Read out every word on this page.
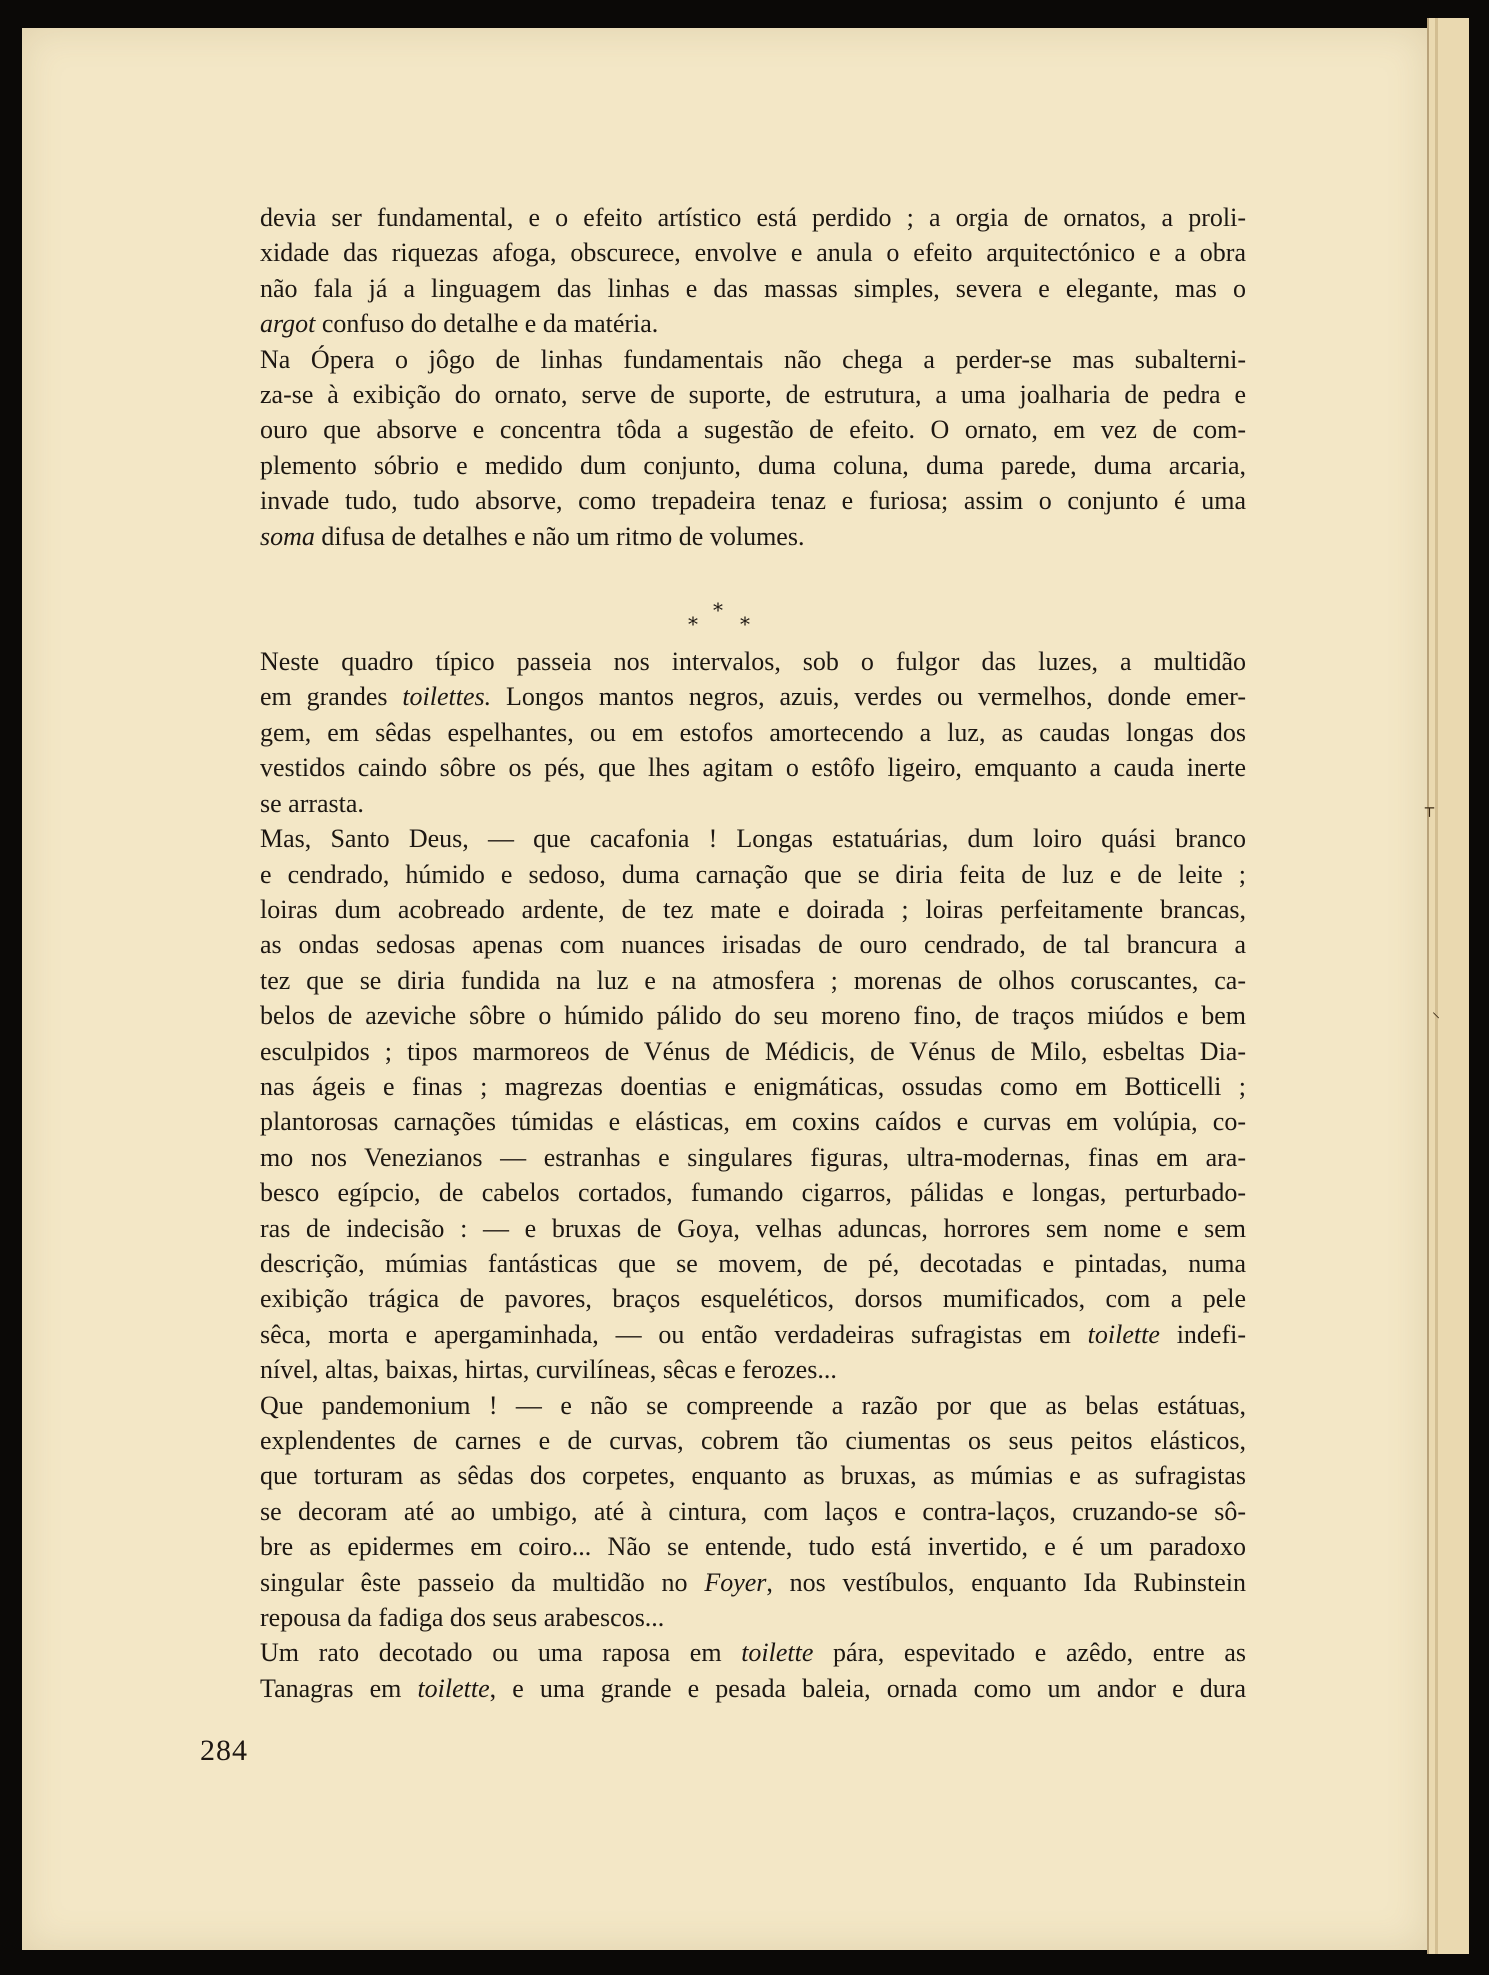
⸆
⸜
devia ser fundamental, e o efeito artístico está perdido ; a orgia de ornatos, a proli-
xidade das riquezas afoga, obscurece, envolve e anula o efeito arquitectónico e a obra
não fala já a linguagem das linhas e das massas simples, severa e elegante, mas o
argot confuso do detalhe e da matéria.
Na Ópera o jôgo de linhas fundamentais não chega a perder-se mas subalterni-
za-se à exibição do ornato, serve de suporte, de estrutura, a uma joalharia de pedra e
ouro que absorve e concentra tôda a sugestão de efeito. O ornato, em vez de com-
plemento sóbrio e medido dum conjunto, duma coluna, duma parede, duma arcaria,
invade tudo, tudo absorve, como trepadeira tenaz e furiosa; assim o conjunto é uma
soma difusa de detalhes e não um ritmo de volumes.
Neste quadro típico passeia nos intervalos, sob o fulgor das luzes, a multidão
em grandes toilettes. Longos mantos negros, azuis, verdes ou vermelhos, donde emer-
gem, em sêdas espelhantes, ou em estofos amortecendo a luz, as caudas longas dos
vestidos caindo sôbre os pés, que lhes agitam o estôfo ligeiro, emquanto a cauda inerte
se arrasta.
Mas, Santo Deus, — que cacafonia ! Longas estatuárias, dum loiro quási branco
e cendrado, húmido e sedoso, duma carnação que se diria feita de luz e de leite ;
loiras dum acobreado ardente, de tez mate e doirada ; loiras perfeitamente brancas,
as ondas sedosas apenas com nuances irisadas de ouro cendrado, de tal brancura a
tez que se diria fundida na luz e na atmosfera ; morenas de olhos coruscantes, ca-
belos de azeviche sôbre o húmido pálido do seu moreno fino, de traços miúdos e bem
esculpidos ; tipos marmoreos de Vénus de Médicis, de Vénus de Milo, esbeltas Dia-
nas ágeis e finas ; magrezas doentias e enigmáticas, ossudas como em Botticelli ;
plantorosas carnações túmidas e elásticas, em coxins caídos e curvas em volúpia, co-
mo nos Venezianos — estranhas e singulares figuras, ultra-modernas, finas em ara-
besco egípcio, de cabelos cortados, fumando cigarros, pálidas e longas, perturbado-
ras de indecisão : — e bruxas de Goya, velhas aduncas, horrores sem nome e sem
descrição, múmias fantásticas que se movem, de pé, decotadas e pintadas, numa
exibição trágica de pavores, braços esqueléticos, dorsos mumificados, com a pele
sêca, morta e apergaminhada, — ou então verdadeiras sufragistas em toilette indefi-
nível, altas, baixas, hirtas, curvilíneas, sêcas e ferozes...
Que pandemonium ! — e não se compreende a razão por que as belas estátuas,
explendentes de carnes e de curvas, cobrem tão ciumentas os seus peitos elásticos,
que torturam as sêdas dos corpetes, enquanto as bruxas, as múmias e as sufragistas
se decoram até ao umbigo, até à cintura, com laços e contra-laços, cruzando-se sô-
bre as epidermes em coiro... Não se entende, tudo está invertido, e é um paradoxo
singular êste passeio da multidão no Foyer, nos vestíbulos, enquanto Ida Rubinstein
repousa da fadiga dos seus arabescos...
Um rato decotado ou uma raposa em toilette pára, espevitado e azêdo, entre as
Tanagras em toilette, e uma grande e pesada baleia, ornada como um andor e dura
*
* *
284
